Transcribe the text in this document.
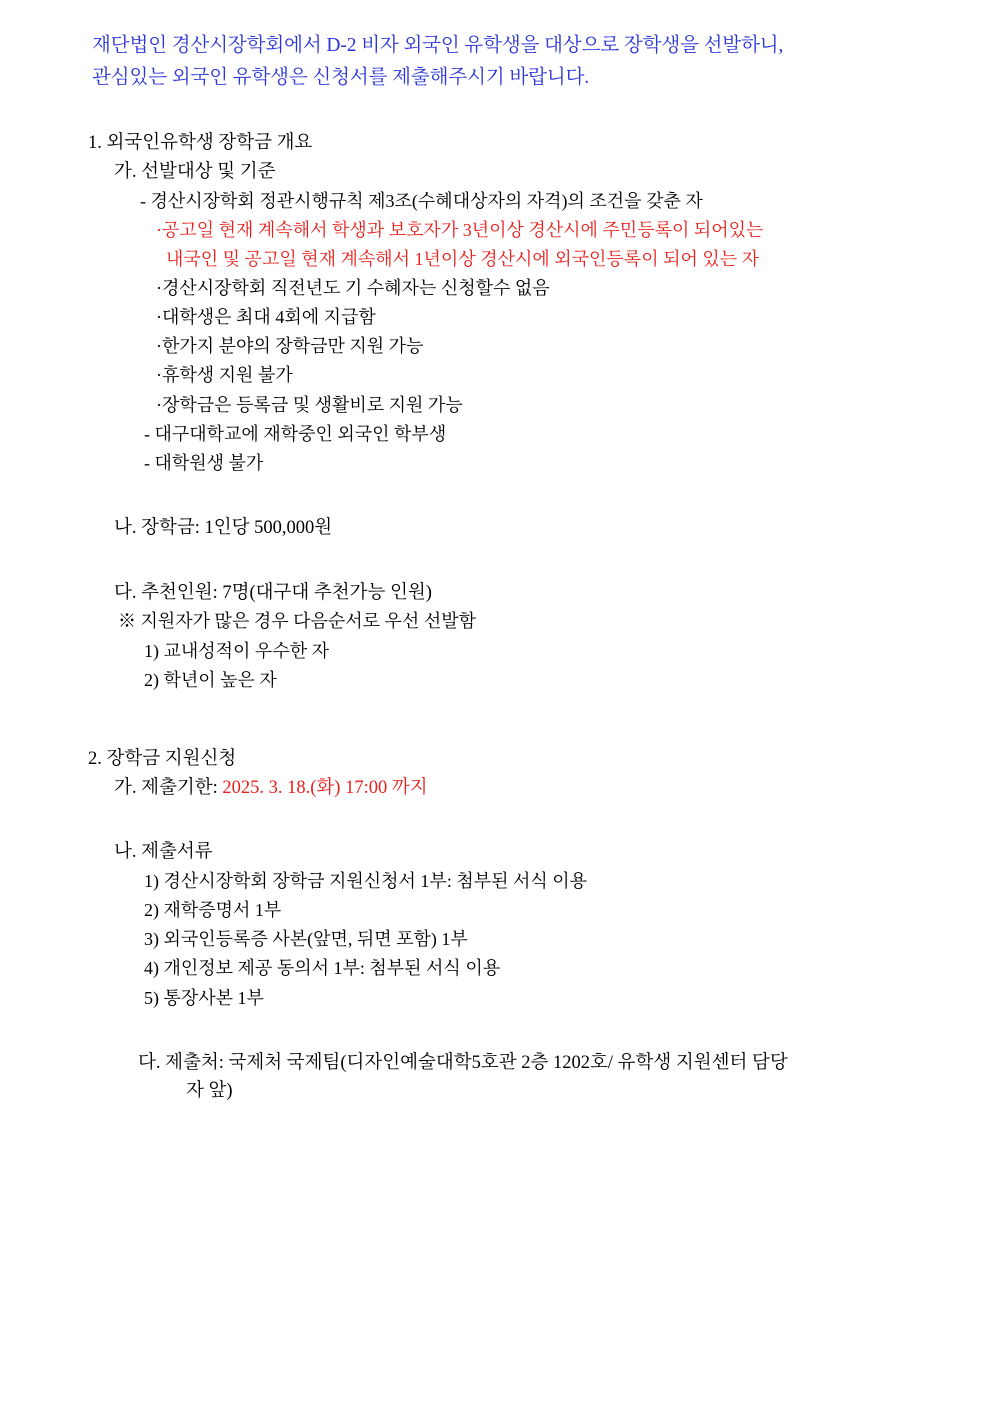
재단법인 경산시장학회에서 D-2 비자 외국인 유학생을 대상으로 장학생을 선발하니,
관심있는 외국인 유학생은 신청서를 제출해주시기 바랍니다.
1. 외국인유학생 장학금 개요
가. 선발대상 및 기준
- 경산시장학회 정관시행규칙 제3조(수혜대상자의 자격)의 조건을 갖춘 자
·공고일 현재 계속해서 학생과 보호자가 3년이상 경산시에 주민등록이 되어있는
내국인 및 공고일 현재 계속해서 1년이상 경산시에 외국인등록이 되어 있는 자
·경산시장학회 직전년도 기 수혜자는 신청할수 없음
·대학생은 최대 4회에 지급함
·한가지 분야의 장학금만 지원 가능
·휴학생 지원 불가
·장학금은 등록금 및 생활비로 지원 가능
- 대구대학교에 재학중인 외국인 학부생
- 대학원생 불가
나. 장학금: 1인당 500,000원
다. 추천인원: 7명(대구대 추천가능 인원)
※ 지원자가 많은 경우 다음순서로 우선 선발함
1) 교내성적이 우수한 자
2) 학년이 높은 자
2. 장학금 지원신청
가. 제출기한: 2025. 3. 18.(화) 17:00 까지
나. 제출서류
1) 경산시장학회 장학금 지원신청서 1부: 첨부된 서식 이용
2) 재학증명서 1부
3) 외국인등록증 사본(앞면, 뒤면 포함) 1부
4) 개인정보 제공 동의서 1부: 첨부된 서식 이용
5) 통장사본 1부
다. 제출처: 국제처 국제팀(디자인예술대학5호관 2층 1202호/ 유학생 지원센터 담당
자 앞)
